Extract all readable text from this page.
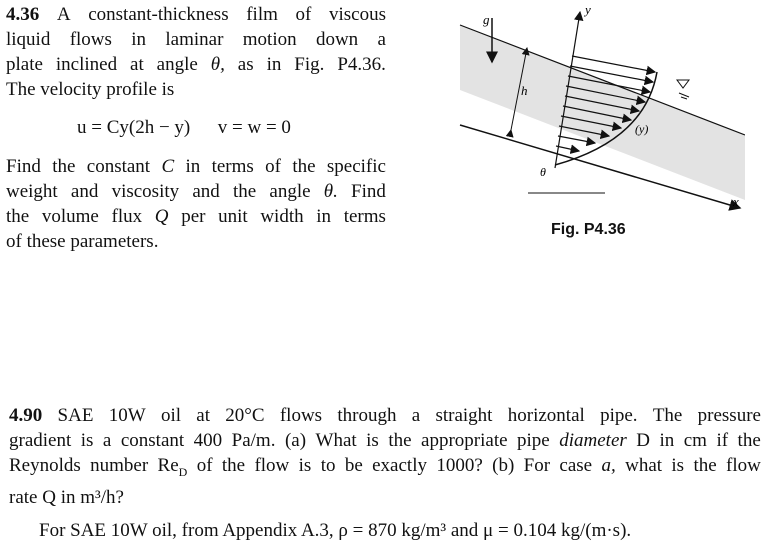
4.36 A constant-thickness film of viscous
liquid flows in laminar motion down a
plate inclined at angle θ, as in Fig. P4.36.
The velocity profile is
u = Cy(2h − y) v = w = 0
Find the constant C in terms of the specific
weight and viscosity and the angle θ. Find
the volume flux Q per unit width in terms
of these parameters.
g
y
h
(y)
θ
x
Fig. P4.36
4.90 SAE 10W oil at 20°C flows through a straight horizontal pipe. The pressure
gradient is a constant 400 Pa/m. (a) What is the appropriate pipe diameter D in cm if the
Reynolds number $Re_D$ of the flow is to be exactly 1000? (b) For case a, what is the flow
rate Q in m³/h?
For SAE 10W oil, from Appendix A.3, ρ = 870 kg/m³ and μ = 0.104 kg/(m·s).
